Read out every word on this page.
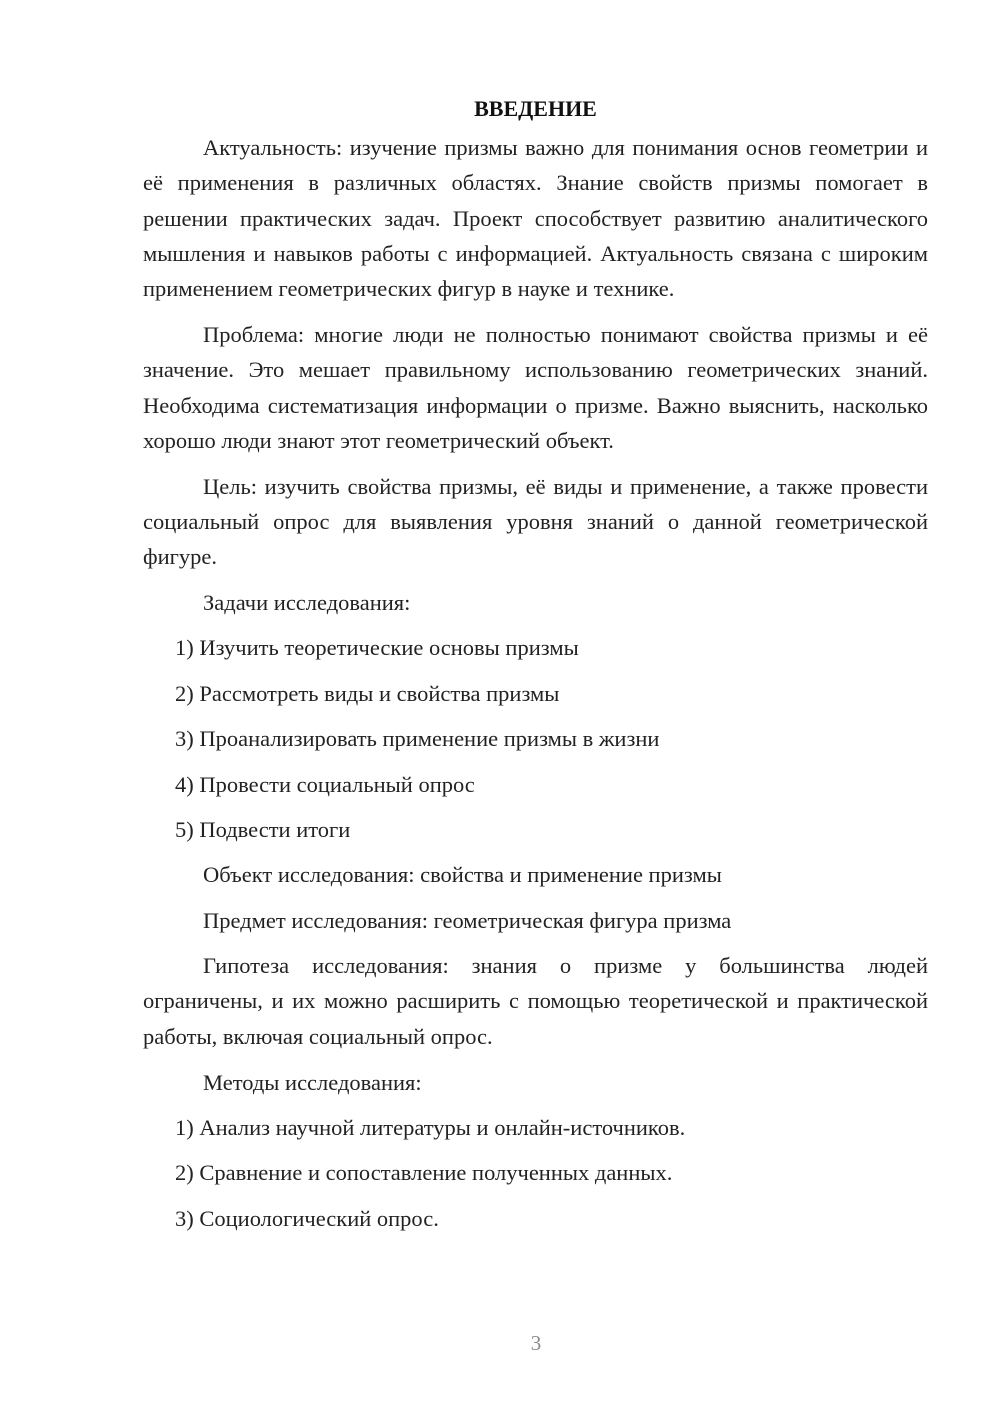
ВВЕДЕНИЕ

Актуальность: изучение призмы важно для понимания основ геометрии и её применения в различных областях. Знание свойств призмы помогает в решении практических задач. Проект способствует развитию аналитического мышления и навыков работы с информацией. Актуальность связана с широким применением геометрических фигур в науке и технике.

Проблема: многие люди не полностью понимают свойства призмы и её значение. Это мешает правильному использованию геометрических знаний. Необходима систематизация информации о призме. Важно выяснить, насколько хорошо люди знают этот геометрический объект.

Цель: изучить свойства призмы, её виды и применение, а также провести социальный опрос для выявления уровня знаний о данной геометрической фигуре.

Задачи исследования:
1) Изучить теоретические основы призмы
2) Рассмотреть виды и свойства призмы
3) Проанализировать применение призмы в жизни
4) Провести социальный опрос
5) Подвести итоги
Объект исследования: свойства и применение призмы
Предмет исследования: геометрическая фигура призма

Гипотеза исследования: знания о призме у большинства людей ограничены, и их можно расширить с помощью теоретической и практической работы, включая социальный опрос.

Методы исследования:
1) Анализ научной литературы и онлайн-источников.
2) Сравнение и сопоставление полученных данных.
3) Социологический опрос.
3
